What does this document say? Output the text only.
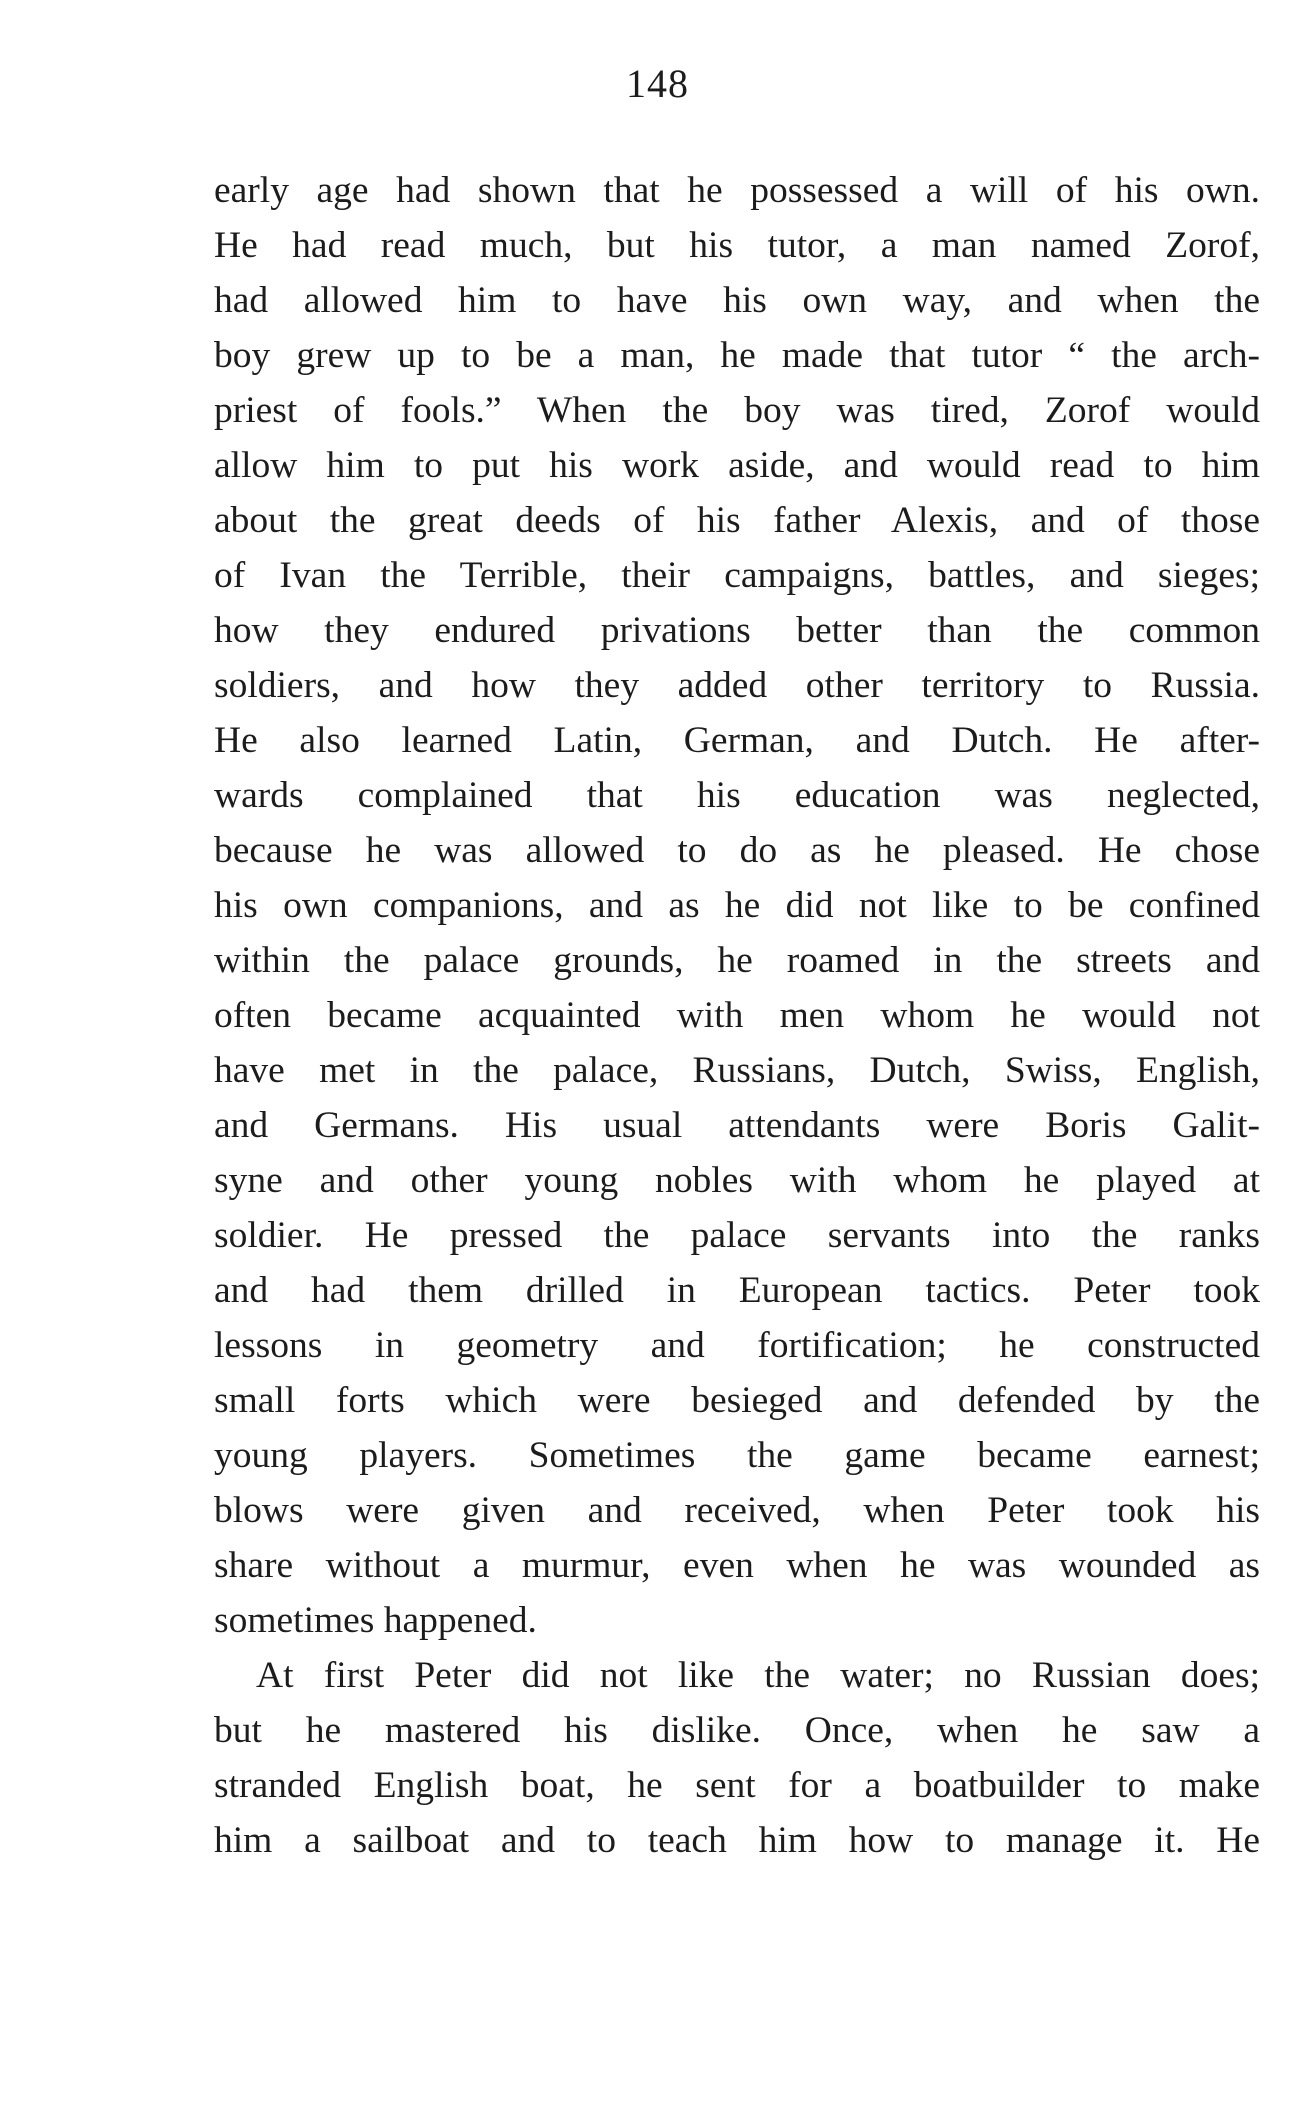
148
early age had shown that he possessed a will of his own.
He had read much, but his tutor, a man named Zorof,
had allowed him to have his own way, and when the
boy grew up to be a man, he made that tutor “ the arch-
priest of fools.” When the boy was tired, Zorof would
allow him to put his work aside, and would read to him
about the great deeds of his father Alexis, and of those
of Ivan the Terrible, their campaigns, battles, and sieges;
how they endured privations better than the common
soldiers, and how they added other territory to Russia.
He also learned Latin, German, and Dutch. He after-
wards complained that his education was neglected,
because he was allowed to do as he pleased. He chose
his own companions, and as he did not like to be confined
within the palace grounds, he roamed in the streets and
often became acquainted with men whom he would not
have met in the palace, Russians, Dutch, Swiss, English,
and Germans. His usual attendants were Boris Galit-
syne and other young nobles with whom he played at
soldier. He pressed the palace servants into the ranks
and had them drilled in European tactics. Peter took
lessons in geometry and fortification; he constructed
small forts which were besieged and defended by the
young players. Sometimes the game became earnest;
blows were given and received, when Peter took his
share without a murmur, even when he was wounded as
sometimes happened.
At first Peter did not like the water; no Russian does;
but he mastered his dislike. Once, when he saw a
stranded English boat, he sent for a boatbuilder to make
him a sailboat and to teach him how to manage it. He
